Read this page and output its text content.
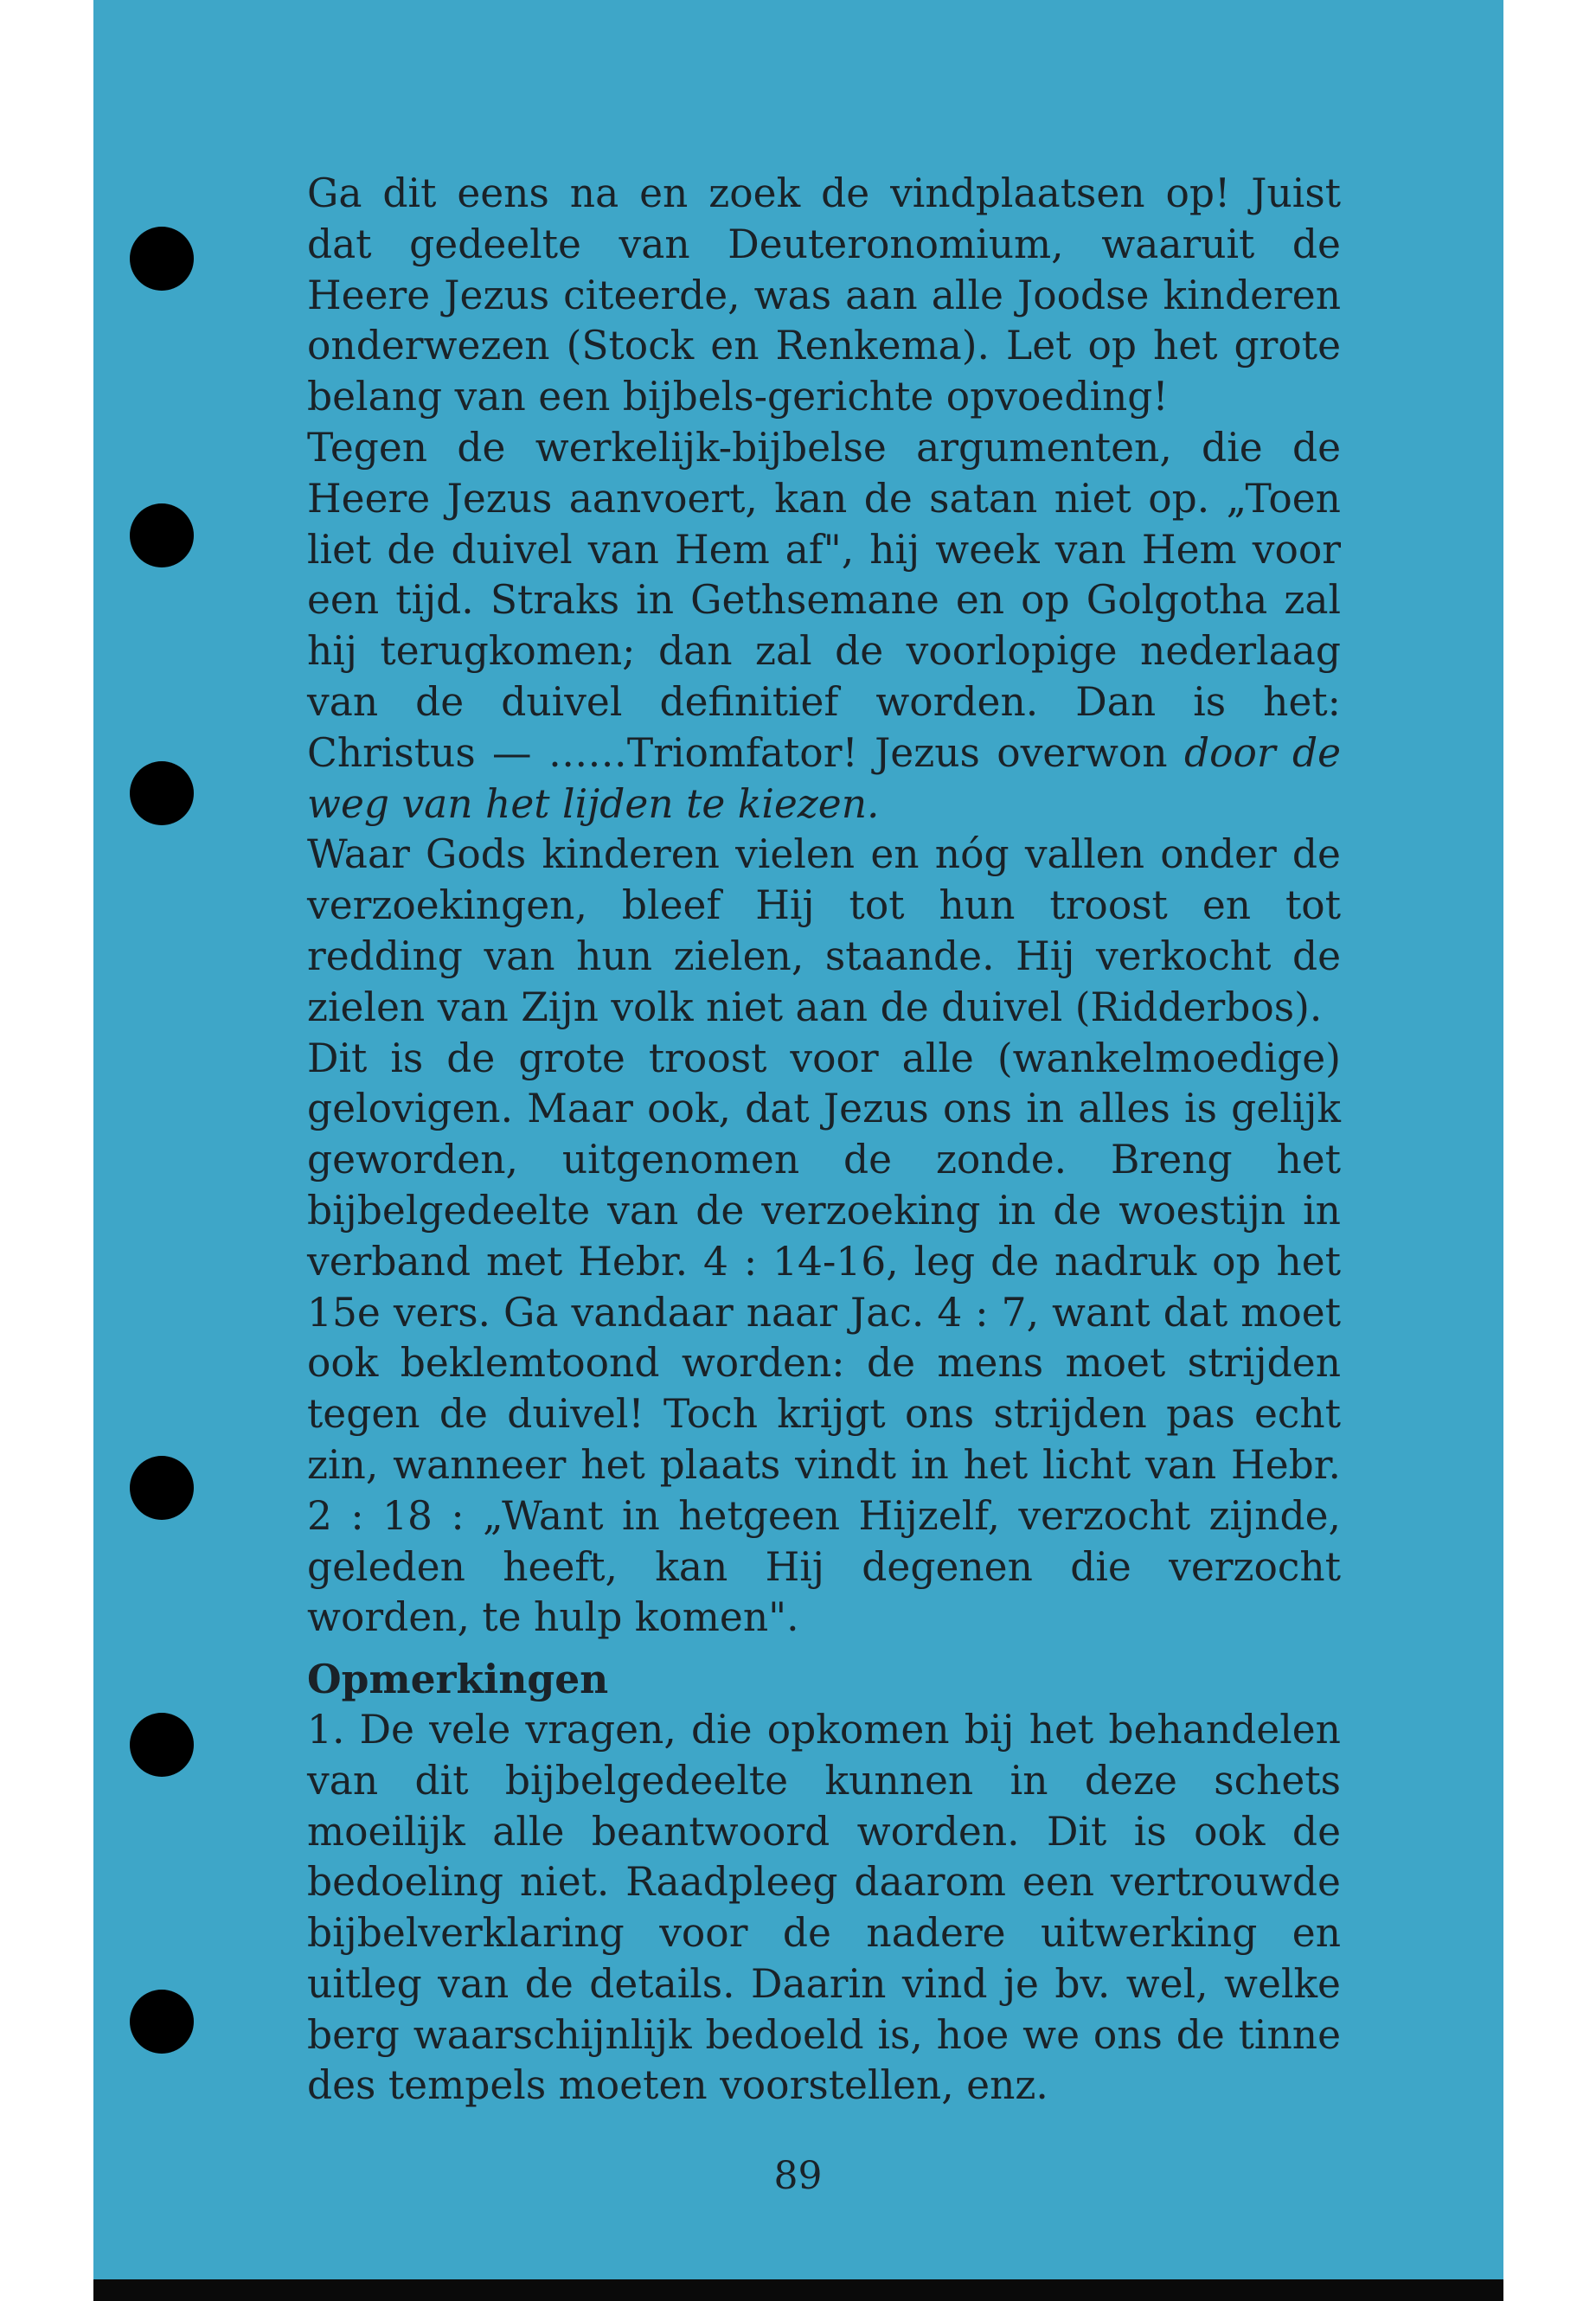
Ga dit eens na en zoek de vindplaatsen op! Juist dat gedeelte van Deuteronomium, waaruit de Heere Jezus citeerde, was aan alle Joodse kinderen onderwezen (Stock en Renkema). Let op het grote belang van een bijbels-gerichte opvoeding!

Tegen de werkelijk-bijbelse argumenten, die de Heere Jezus aanvoert, kan de satan niet op. „Toen liet de duivel van Hem af", hij week van Hem voor een tijd. Straks in Gethsemane en op Golgotha zal hij terugkomen; dan zal de voorlopige nederlaag van de duivel definitief worden. Dan is het: Christus — ……Triomfator! Jezus overwon door de weg van het lijden te kiezen.

Waar Gods kinderen vielen en nóg vallen onder de verzoekingen, bleef Hij tot hun troost en tot redding van hun zielen, staande. Hij verkocht de zielen van Zijn volk niet aan de duivel (Ridderbos).

Dit is de grote troost voor alle (wankelmoedige) gelovigen. Maar ook, dat Jezus ons in alles is gelijk geworden, uitgenomen de zonde. Breng het bijbelgedeelte van de verzoeking in de woestijn in verband met Hebr. 4 : 14-16, leg de nadruk op het 15e vers. Ga vandaar naar Jac. 4 : 7, want dat moet ook beklemtoond worden: de mens moet strijden tegen de duivel! Toch krijgt ons strijden pas echt zin, wanneer het plaats vindt in het licht van Hebr. 2 : 18 : „Want in hetgeen Hijzelf, verzocht zijnde, geleden heeft, kan Hij degenen die verzocht worden, te hulp komen".

Opmerkingen

1. De vele vragen, die opkomen bij het behandelen van dit bijbelgedeelte kunnen in deze schets moeilijk alle beantwoord worden. Dit is ook de bedoeling niet. Raadpleeg daarom een vertrouwde bijbelverklaring voor de nadere uitwerking en uitleg van de details. Daarin vind je bv. wel, welke berg waarschijnlijk bedoeld is, hoe we ons de tinne des tempels moeten voorstellen, enz.

89
